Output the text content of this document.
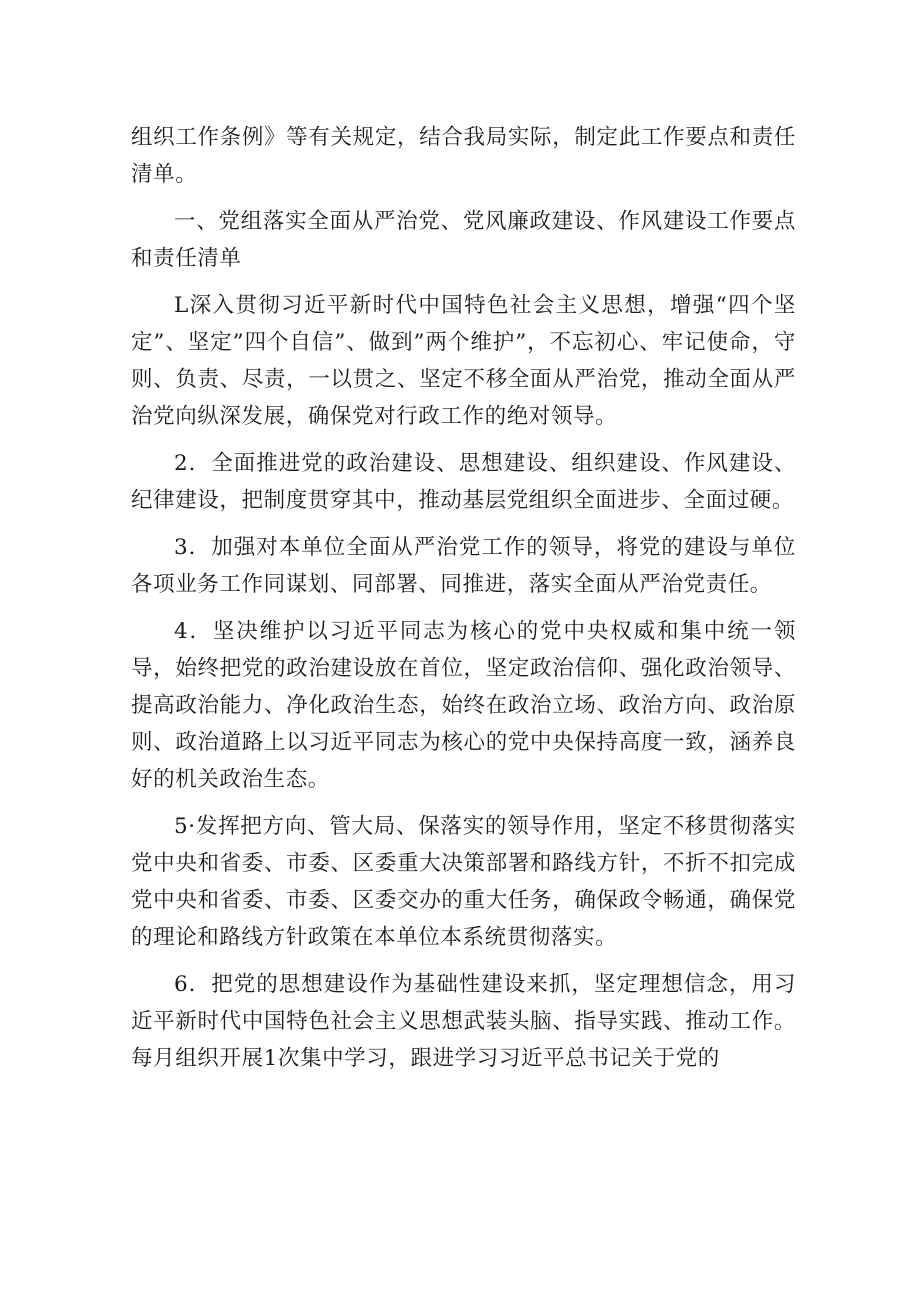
组织工作条例》等有关规定，结合我局实际，制定此工作要点和责任清单。

一、党组落实全面从严治党、党风廉政建设、作风建设工作要点和责任清单

L深入贯彻习近平新时代中国特色社会主义思想，增强“四个坚定”、坚定”四个自信”、做到”两个维护”，不忘初心、牢记使命，守则、负责、尽责，一以贯之、坚定不移全面从严治党，推动全面从严治党向纵深发展，确保党对行政工作的绝对领导。

2．全面推进党的政治建设、思想建设、组织建设、作风建设、纪律建设，把制度贯穿其中，推动基层党组织全面进步、全面过硬。

3．加强对本单位全面从严治党工作的领导，将党的建设与单位各项业务工作同谋划、同部署、同推进，落实全面从严治党责任。

4．坚决维护以习近平同志为核心的党中央权威和集中统一领导，始终把党的政治建设放在首位，坚定政治信仰、强化政治领导、提高政治能力、净化政治生态，始终在政治立场、政治方向、政治原则、政治道路上以习近平同志为核心的党中央保持高度一致，涵养良好的机关政治生态。

5·发挥把方向、管大局、保落实的领导作用，坚定不移贯彻落实党中央和省委、市委、区委重大决策部署和路线方针，不折不扣完成党中央和省委、市委、区委交办的重大任务，确保政令畅通，确保党的理论和路线方针政策在本单位本系统贯彻落实。

6．把党的思想建设作为基础性建设来抓，坚定理想信念，用习近平新时代中国特色社会主义思想武装头脑、指导实践、推动工作。每月组织开展1次集中学习，跟进学习习近平总书记关于党的
